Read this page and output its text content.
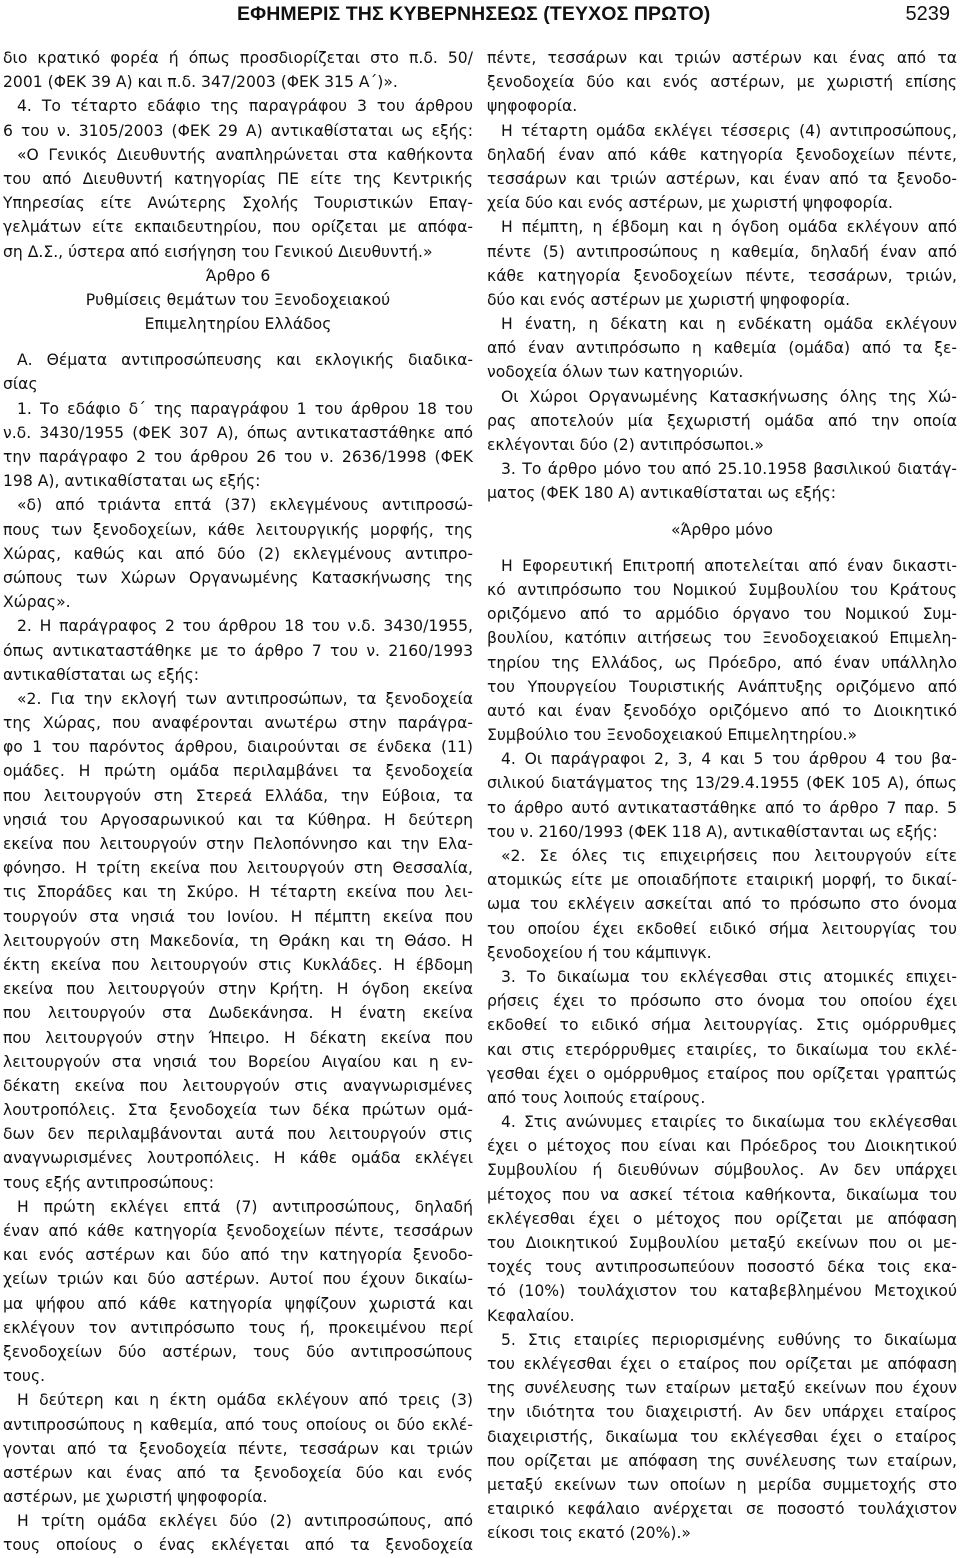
ΕΦΗΜΕΡΙΣ ΤΗΣ ΚΥΒΕΡΝΗΣΕΩΣ (ΤΕΥΧΟΣ ΠΡΩΤΟ)	5239
διο κρατικό φορέα ή όπως προσδιορίζεται στο π.δ. 50/
2001 (ΦΕΚ 39 Α) και π.δ. 347/2003 (ΦΕΚ 315 Α΄)».
4. Το τέταρτο εδάφιο της παραγράφου 3 του άρθρου
6 του ν. 3105/2003 (ΦΕΚ 29 Α) αντικαθίσταται ως εξής:
«Ο Γενικός Διευθυντής αναπληρώνεται στα καθήκοντα
του από Διευθυντή κατηγορίας ΠΕ είτε της Κεντρικής
Υπηρεσίας είτε Ανώτερης Σχολής Τουριστικών Επαγ-
γελμάτων είτε εκπαιδευτηρίου, που ορίζεται με απόφα-
ση Δ.Σ., ύστερα από εισήγηση του Γενικού Διευθυντή.»
Άρθρο 6
Ρυθμίσεις θεμάτων του Ξενοδοχειακού
Επιμελητηρίου Ελλάδος
Α. Θέματα αντιπροσώπευσης και εκλογικής διαδικα-
σίας
1. Το εδάφιο δ΄ της παραγράφου 1 του άρθρου 18 του
ν.δ. 3430/1955 (ΦΕΚ 307 Α), όπως αντικαταστάθηκε από
την παράγραφο 2 του άρθρου 26 του ν. 2636/1998 (ΦΕΚ
198 Α), αντικαθίσταται ως εξής:
«δ) από τριάντα επτά (37) εκλεγμένους αντιπροσώ-
πους των ξενοδοχείων, κάθε λειτουργικής μορφής, της
Χώρας, καθώς και από δύο (2) εκλεγμένους αντιπρο-
σώπους των Χώρων Οργανωμένης Κατασκήνωσης της
Χώρας».
2. Η παράγραφος 2 του άρθρου 18 του ν.δ. 3430/1955,
όπως αντικαταστάθηκε με το άρθρο 7 του ν. 2160/1993
αντικαθίσταται ως εξής:
«2. Για την εκλογή των αντιπροσώπων, τα ξενοδοχεία
της Χώρας, που αναφέρονται ανωτέρω στην παράγρα-
φο 1 του παρόντος άρθρου, διαιρούνται σε ένδεκα (11)
ομάδες. Η πρώτη ομάδα περιλαμβάνει τα ξενοδοχεία
που λειτουργούν στη Στερεά Ελλάδα, την Εύβοια, τα
νησιά του Αργοσαρωνικού και τα Κύθηρα. Η δεύτερη
εκείνα που λειτουργούν στην Πελοπόννησο και την Ελα-
φόνησο. Η τρίτη εκείνα που λειτουργούν στη Θεσσαλία,
τις Σποράδες και τη Σκύρο. Η τέταρτη εκείνα που λει-
τουργούν στα νησιά του Ιονίου. Η πέμπτη εκείνα που
λειτουργούν στη Μακεδονία, τη Θράκη και τη Θάσο. Η
έκτη εκείνα που λειτουργούν στις Κυκλάδες. Η έβδομη
εκείνα που λειτουργούν στην Κρήτη. Η όγδοη εκείνα
που λειτουργούν στα Δωδεκάνησα. Η ένατη εκείνα
που λειτουργούν στην Ήπειρο. Η δέκατη εκείνα που
λειτουργούν στα νησιά του Βορείου Αιγαίου και η εν-
δέκατη εκείνα που λειτουργούν στις αναγνωρισμένες
λουτροπόλεις. Στα ξενοδοχεία των δέκα πρώτων ομά-
δων δεν περιλαμβάνονται αυτά που λειτουργούν στις
αναγνωρισμένες λουτροπόλεις. Η κάθε ομάδα εκλέγει
τους εξής αντιπροσώπους:
Η πρώτη εκλέγει επτά (7) αντιπροσώπους, δηλαδή
έναν από κάθε κατηγορία ξενοδοχείων πέντε, τεσσάρων
και ενός αστέρων και δύο από την κατηγορία ξενοδο-
χείων τριών και δύο αστέρων. Αυτοί που έχουν δικαίω-
μα ψήφου από κάθε κατηγορία ψηφίζουν χωριστά και
εκλέγουν τον αντιπρόσωπο τους ή, προκειμένου περί
ξενοδοχείων δύο αστέρων, τους δύο αντιπροσώπους
τους.
Η δεύτερη και η έκτη ομάδα εκλέγουν από τρεις (3)
αντιπροσώπους η καθεμία, από τους οποίους οι δύο εκλέ-
γονται από τα ξενοδοχεία πέντε, τεσσάρων και τριών
αστέρων και ένας από τα ξενοδοχεία δύο και ενός
αστέρων, με χωριστή ψηφοφορία.
Η τρίτη ομάδα εκλέγει δύο (2) αντιπροσώπους, από
τους οποίους ο ένας εκλέγεται από τα ξενοδοχεία
πέντε, τεσσάρων και τριών αστέρων και ένας από τα
ξενοδοχεία δύο και ενός αστέρων, με χωριστή επίσης
ψηφοφορία.
Η τέταρτη ομάδα εκλέγει τέσσερις (4) αντιπροσώπους,
δηλαδή έναν από κάθε κατηγορία ξενοδοχείων πέντε,
τεσσάρων και τριών αστέρων, και έναν από τα ξενοδο-
χεία δύο και ενός αστέρων, με χωριστή ψηφοφορία.
Η πέμπτη, η έβδομη και η όγδοη ομάδα εκλέγουν από
πέντε (5) αντιπροσώπους η καθεμία, δηλαδή έναν από
κάθε κατηγορία ξενοδοχείων πέντε, τεσσάρων, τριών,
δύο και ενός αστέρων με χωριστή ψηφοφορία.
Η ένατη, η δέκατη και η ενδέκατη ομάδα εκλέγουν
από έναν αντιπρόσωπο η καθεμία (ομάδα) από τα ξε-
νοδοχεία όλων των κατηγοριών.
Οι Χώροι Οργανωμένης Κατασκήνωσης όλης της Χώ-
ρας αποτελούν μία ξεχωριστή ομάδα από την οποία
εκλέγονται δύο (2) αντιπρόσωποι.»
3. Το άρθρο μόνο του από 25.10.1958 βασιλικού διατάγ-
ματος (ΦΕΚ 180 Α) αντικαθίσταται ως εξής:
«Άρθρο μόνο
Η Εφορευτική Επιτροπή αποτελείται από έναν δικαστι-
κό αντιπρόσωπο του Νομικού Συμβουλίου του Κράτους
οριζόμενο από το αρμόδιο όργανο του Νομικού Συμ-
βουλίου, κατόπιν αιτήσεως του Ξενοδοχειακού Επιμελη-
τηρίου της Ελλάδος, ως Πρόεδρο, από έναν υπάλληλο
του Υπουργείου Τουριστικής Ανάπτυξης οριζόμενο από
αυτό και έναν ξενοδόχο οριζόμενο από το Διοικητικό
Συμβούλιο του Ξενοδοχειακού Επιμελητηρίου.»
4. Οι παράγραφοι 2, 3, 4 και 5 του άρθρου 4 του βα-
σιλικού διατάγματος της 13/29.4.1955 (ΦΕΚ 105 Α), όπως
το άρθρο αυτό αντικαταστάθηκε από το άρθρο 7 παρ. 5
του ν. 2160/1993 (ΦΕΚ 118 Α), αντικαθίστανται ως εξής:
«2. Σε όλες τις επιχειρήσεις που λειτουργούν είτε
ατομικώς είτε με οποιαδήποτε εταιρική μορφή, το δικαί-
ωμα του εκλέγειν ασκείται από το πρόσωπο στο όνομα
του οποίου έχει εκδοθεί ειδικό σήμα λειτουργίας του
ξενοδοχείου ή του κάμπινγκ.
3. Το δικαίωμα του εκλέγεσθαι στις ατομικές επιχει-
ρήσεις έχει το πρόσωπο στο όνομα του οποίου έχει
εκδοθεί το ειδικό σήμα λειτουργίας. Στις ομόρρυθμες
και στις ετερόρρυθμες εταιρίες, το δικαίωμα του εκλέ-
γεσθαι έχει ο ομόρρυθμος εταίρος που ορίζεται γραπτώς
από τους λοιπούς εταίρους.
4. Στις ανώνυμες εταιρίες το δικαίωμα του εκλέγεσθαι
έχει ο μέτοχος που είναι και Πρόεδρος του Διοικητικού
Συμβουλίου ή διευθύνων σύμβουλος. Αν δεν υπάρχει
μέτοχος που να ασκεί τέτοια καθήκοντα, δικαίωμα του
εκλέγεσθαι έχει ο μέτοχος που ορίζεται με απόφαση
του Διοικητικού Συμβουλίου μεταξύ εκείνων που οι με-
τοχές τους αντιπροσωπεύουν ποσοστό δέκα τοις εκα-
τό (10%) τουλάχιστον του καταβεβλημένου Μετοχικού
Κεφαλαίου.
5. Στις εταιρίες περιορισμένης ευθύνης το δικαίωμα
του εκλέγεσθαι έχει ο εταίρος που ορίζεται με απόφαση
της συνέλευσης των εταίρων μεταξύ εκείνων που έχουν
την ιδιότητα του διαχειριστή. Αν δεν υπάρχει εταίρος
διαχειριστής, δικαίωμα του εκλέγεσθαι έχει ο εταίρος
που ορίζεται με απόφαση της συνέλευσης των εταίρων,
μεταξύ εκείνων των οποίων η μερίδα συμμετοχής στο
εταιρικό κεφάλαιο ανέρχεται σε ποσοστό τουλάχιστον
είκοσι τοις εκατό (20%).»
